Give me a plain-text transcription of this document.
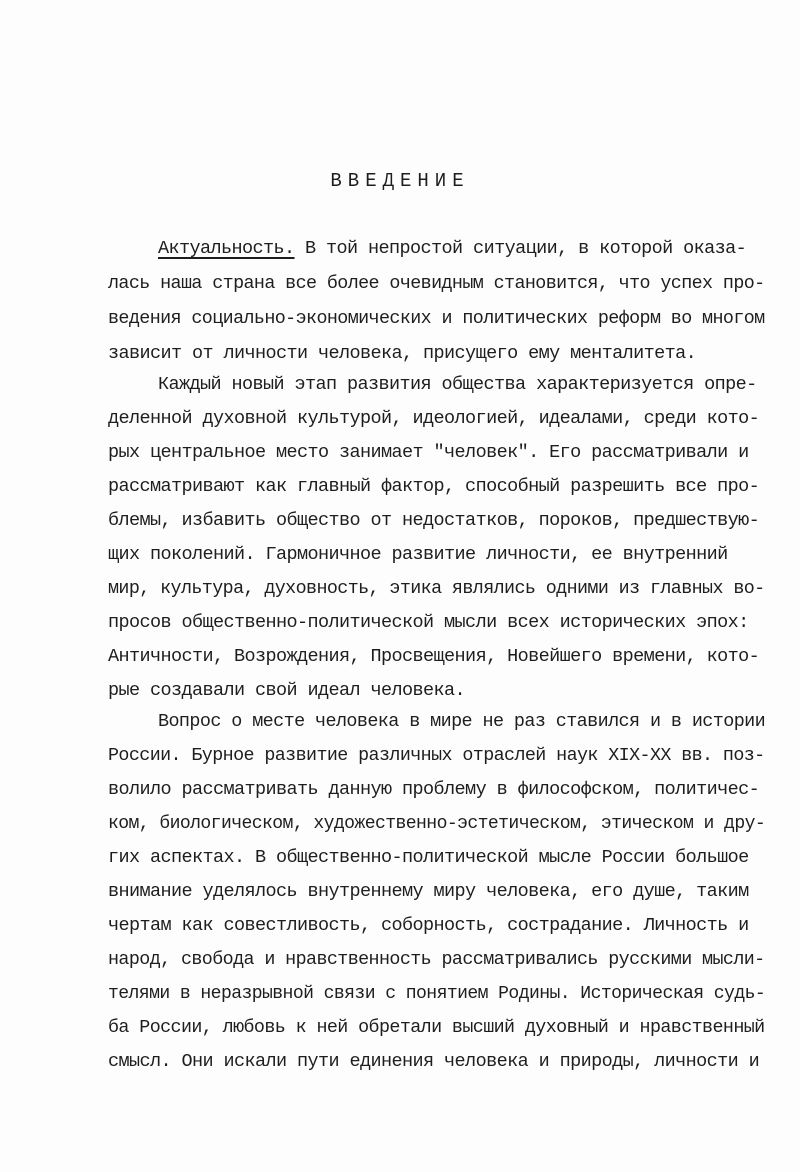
ВВЕДЕНИЕ
Актуальность. В той непростой ситуации, в которой оказа-
лась наша страна все более очевидным становится, что успех про-
ведения социально-экономических и политических реформ во многом
зависит от личности человека, присущего ему менталитета.
Каждый новый этап развития общества характеризуется опре-
деленной духовной культурой, идеологией, идеалами, среди кото-
рых центральное место занимает "человек". Его рассматривали и
рассматривают как главный фактор, способный разрешить все про-
блемы, избавить общество от недостатков, пороков, предшествую-
щих поколений. Гармоничное развитие личности, ее внутренний
мир, культура, духовность, этика являлись одними из главных во-
просов общественно-политической мысли всех исторических эпох:
Античности, Возрождения, Просвещения, Новейшего времени, кото-
рые создавали свой идеал человека.
Вопрос о месте человека в мире не раз ставился и в истории
России. Бурное развитие различных отраслей наук XIX-XX вв. поз-
волило рассматривать данную проблему в философском, политичес-
ком, биологическом, художественно-эстетическом, этическом и дру-
гих аспектах. В общественно-политической мысле России большое
внимание уделялось внутреннему миру человека, его душе, таким
чертам как совестливость, соборность, сострадание. Личность и
народ, свобода и нравственность рассматривались русскими мысли-
телями в неразрывной связи с понятием Родины. Историческая судь-
ба России, любовь к ней обретали высший духовный и нравственный
смысл. Они искали пути единения человека и природы, личности и
